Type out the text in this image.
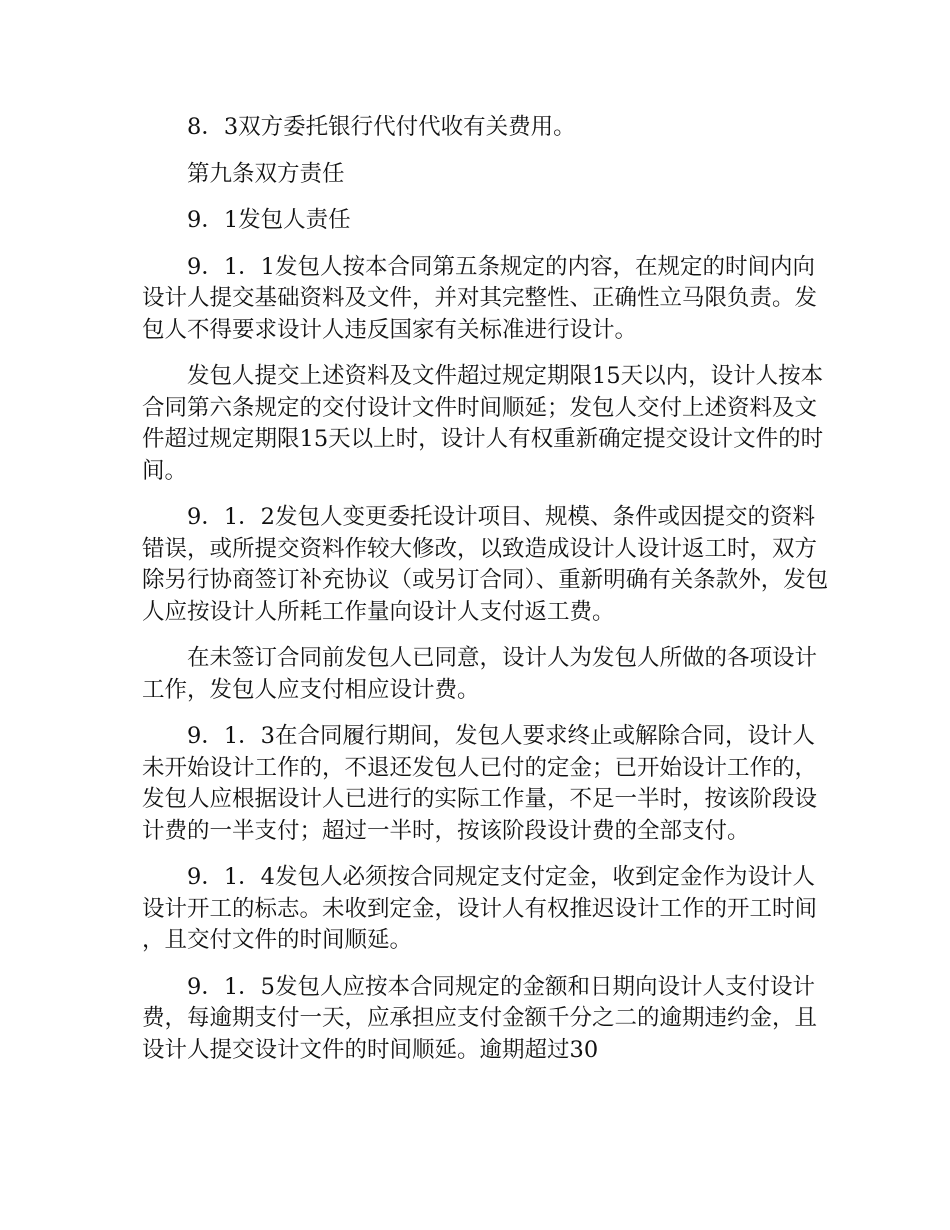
8．3双方委托银行代付代收有关费用。

第九条双方责任

9．1发包人责任

9．1．1发包人按本合同第五条规定的内容，在规定的时间内向设计人提交基础资料及文件，并对其完整性、正确性立马限负责。发包人不得要求设计人违反国家有关标准进行设计。

发包人提交上述资料及文件超过规定期限15天以内，设计人按本合同第六条规定的交付设计文件时间顺延；发包人交付上述资料及文件超过规定期限15天以上时，设计人有权重新确定提交设计文件的时间。

9．1．2发包人变更委托设计项目、规模、条件或因提交的资料错误，或所提交资料作较大修改，以致造成设计人设计返工时，双方除另行协商签订补充协议（或另订合同）、重新明确有关条款外，发包人应按设计人所耗工作量向设计人支付返工费。

在未签订合同前发包人已同意，设计人为发包人所做的各项设计工作，发包人应支付相应设计费。

9．1．3在合同履行期间，发包人要求终止或解除合同，设计人未开始设计工作的，不退还发包人已付的定金；已开始设计工作的，发包人应根据设计人已进行的实际工作量，不足一半时，按该阶段设计费的一半支付；超过一半时，按该阶段设计费的全部支付。

9．1．4发包人必须按合同规定支付定金，收到定金作为设计人设计开工的标志。未收到定金，设计人有权推迟设计工作的开工时间，且交付文件的时间顺延。

9．1．5发包人应按本合同规定的金额和日期向设计人支付设计费，每逾期支付一天，应承担应支付金额千分之二的逾期违约金，且设计人提交设计文件的时间顺延。逾期超过30
